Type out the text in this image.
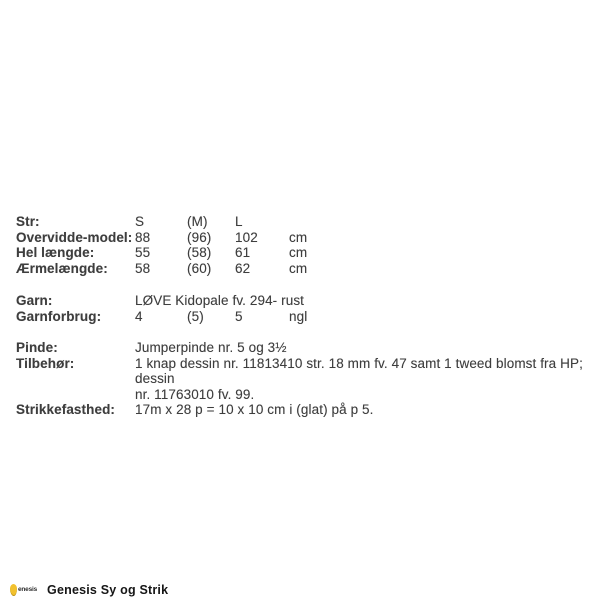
Str:	S	(M)	L
Overvidde-model: 88	(96)	102	cm
Hel længde:	55	(58)	61	cm
Ærmelængde:	58	(60)	62	cm
Garn:	LØVE Kidopale fv. 294- rust
Garnforbrug:	4	(5)	5	ngl
Pinde:	Jumperpinde nr. 5 og 3½
Tilbehør:	1 knap dessin nr. 11813410 str. 18 mm fv. 47 samt 1 tweed blomst fra HP; dessin
nr. 11763010 fv. 99.
Strikkefasthed:	17m x 28 p = 10 x 10 cm i (glat) på p 5.
enesis Genesis Sy og Strik
